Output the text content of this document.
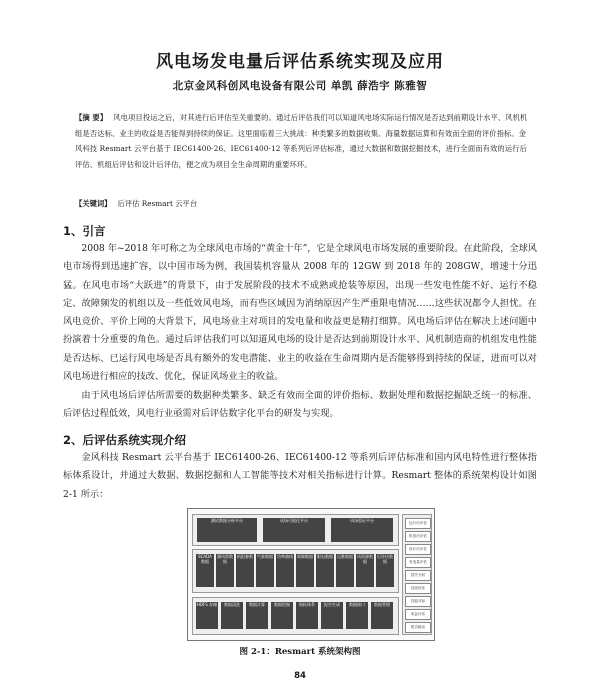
风电场发电量后评估系统实现及应用
北京金风科创风电设备有限公司 单凯 薛浩宇 陈雅智
【摘 要】 风电项目投运之后，对其进行后评估至关重要的。通过后评估我们可以知道风电场实际运行情况是否达到前期设计水平、风机机组是否达标、业主的收益是否能得到持续的保证。这里面临着三大挑战：种类繁多的数据收集、海量数据运算和有效而全面的评价指标。金风科技 Resmart 云平台基于 IEC61400-26、IEC61400-12 等系列后评估标准，通过大数据和数据挖掘技术，进行全面而有效的运行后评估、机组后评估和设计后评估，便之成为项目全生命周期的重要环环。
【关键词】 后评估 Resmart 云平台
1、引言
2008 年~2018 年可称之为全球风电市场的“黄金十年”，它是全球风电市场发展的重要阶段。在此阶段，全球风电市场得到迅速扩容，以中国市场为例，我国装机容量从 2008 年的 12GW 到 2018 年的 208GW，增速十分迅猛。在风电市场“大跃进”的背景下，由于发展阶段的技术不成熟或抢装等原因，出现一些发电性能不好、运行不稳定、故障频发的机组以及一些低效风电场，而有些区域因为消纳原因产生严重限电情况……这些状况都令人担忧。在风电竞价、平价上网的大背景下，风电场业主对项目的发电量和收益更是精打细算。风电场后评估在解决上述问题中扮演着十分重要的角色。通过后评估我们可以知道风电场的设计是否达到前期设计水平、风机制造商的机组发电性能是否达标、已运行风电场是否具有额外的发电潜能、业主的收益在生命周期内是否能够得到持续的保证，进而可以对风电场进行相应的技改、优化，保证风场业主的收益。
由于风电场后评估所需要的数据种类繁多、缺乏有效而全面的评价指标、数据处理和数据挖掘缺乏统一的标准、后评估过程低效，风电行业亟需对后评估数字化平台的研发与实现。
2、后评估系统实现介绍
金风科技 Resmart 云平台基于 IEC61400-26、IEC61400-12 等系列后评估标准和国内风电特性进行整体指标体系设计，并通过大数据、数据挖掘和人工智能等技术对相关指标进行计算。Resmart 整体的系统架构设计如图 2-1 所示：
测试数据分析平台	风场可视化平台	风场验证平台
SCADA 数据
测风塔数据
机组参数 气象数据 功率曲线 故障数据 限电数据 运维数据 风资源数据
后评估数据
HDFS 存储	数据清洗	数据计算	数据挖掘	指标体系	报告生成	数据接口	数据管理
运行后评估
机组后评估
设计后评估
发电量评估
损失分析
技改优化
性能对标
收益评估
报告输出
图 2-1：Resmart 系统架构图
84
